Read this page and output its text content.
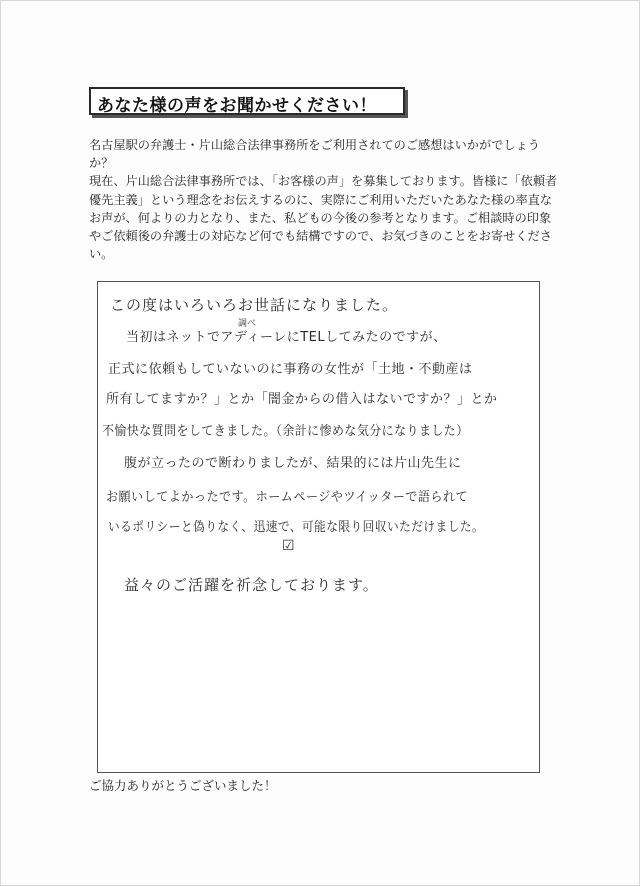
あなた様の声をお聞かせください！

名古屋駅の弁護士・片山総合法律事務所をご利用されてのご感想はいかがでしょうか？

現在、片山総合法律事務所では、「お客様の声」を募集しております。皆様に「依頼者優先主義」という理念をお伝えするのに、実際にご利用いただいたあなた様の率直なお声が、何よりの力となり、また、私どもの今後の参考となります。ご相談時の印象やご依頼後の弁護士の対応など何でも結構ですので、お気づきのことをお寄せください。

この度はいろいろお世話になりました。
調べ
当初はネットでアディーレにTELしてみたのですが、
正式に依頼もしていないのに事務の女性が「土地・不動産は
所有してますか？」とか「闇金からの借入はないですか？」とか
不愉快な質問をしてきました。（余計に惨めな気分になりました）
腹が立ったので断わりましたが、結果的には片山先生に
お願いしてよかったです。ホームページやツイッターで語られて
いるポリシーと偽りなく、迅速で、可能な限り回収いただけました。
☑
益々のご活躍を祈念しております。
ご協力ありがとうございました！
